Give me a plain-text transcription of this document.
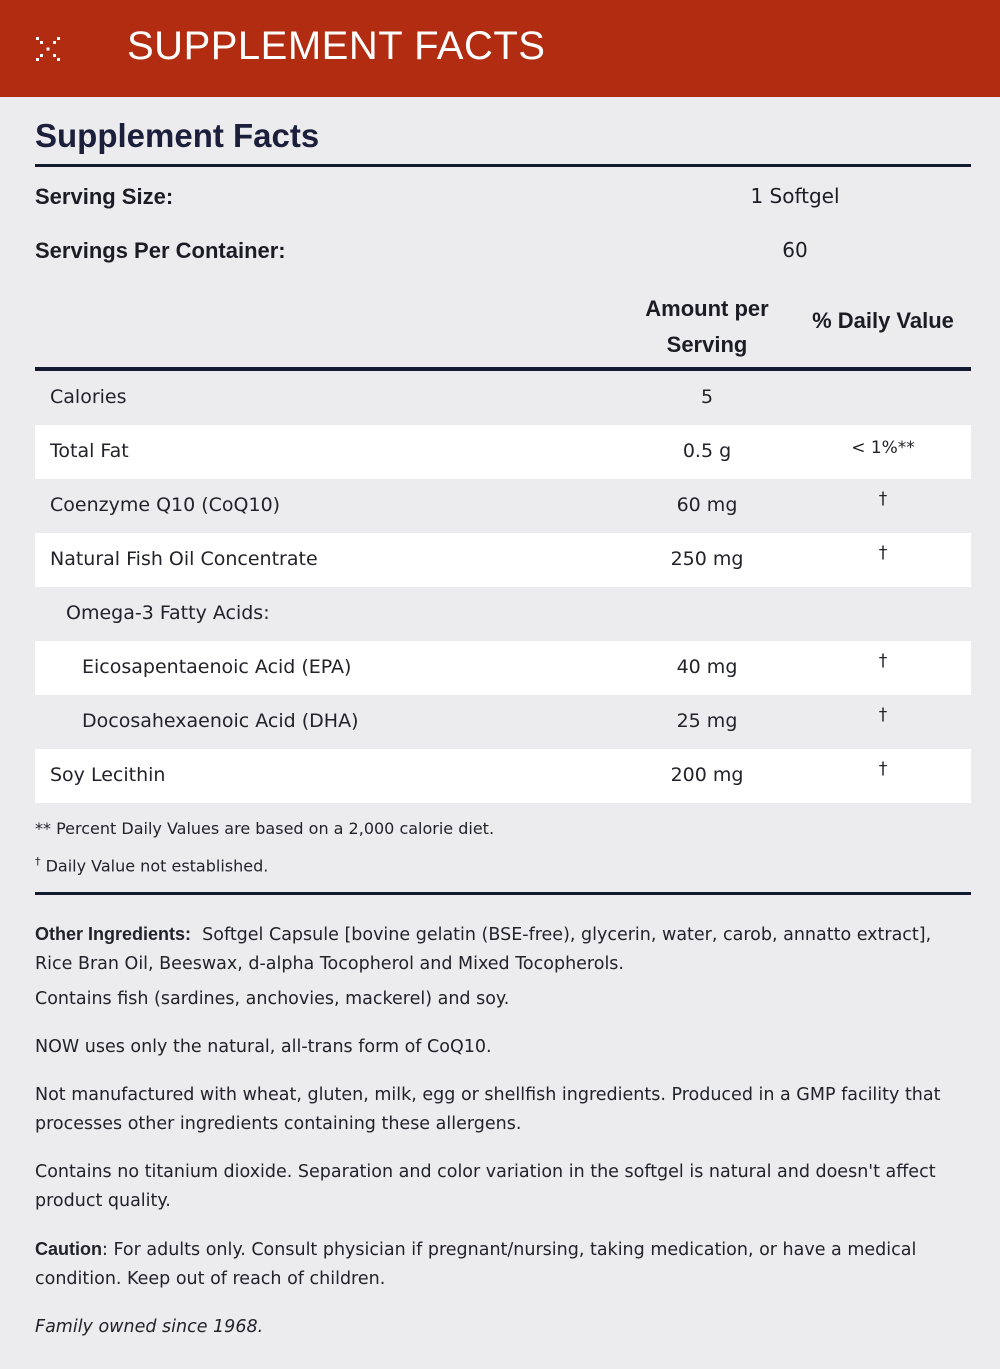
SUPPLEMENT FACTS
Supplement Facts
Serving Size:	1 Softgel
Servings Per Container:	60
Amount per
Serving
% Daily Value
Calories	5
Total Fat	0.5 g	< 1%**
Coenzyme Q10 (CoQ10)	60 mg	†
Natural Fish Oil Concentrate	250 mg	†
Omega-3 Fatty Acids:
Eicosapentaenoic Acid (EPA)	40 mg	†
Docosahexaenoic Acid (DHA)	25 mg	†
Soy Lecithin	200 mg	†
** Percent Daily Values are based on a 2,000 calorie diet.
† Daily Value not established.
Other Ingredients: Softgel Capsule [bovine gelatin (BSE-free), glycerin, water, carob, annatto extract], Rice Bran Oil, Beeswax, d-alpha Tocopherol and Mixed Tocopherols.
Contains fish (sardines, anchovies, mackerel) and soy.
NOW uses only the natural, all-trans form of CoQ10.
Not manufactured with wheat, gluten, milk, egg or shellfish ingredients. Produced in a GMP facility that processes other ingredients containing these allergens.
Contains no titanium dioxide. Separation and color variation in the softgel is natural and doesn't affect product quality.
Caution: For adults only. Consult physician if pregnant/nursing, taking medication, or have a medical condition. Keep out of reach of children.
Family owned since 1968.
